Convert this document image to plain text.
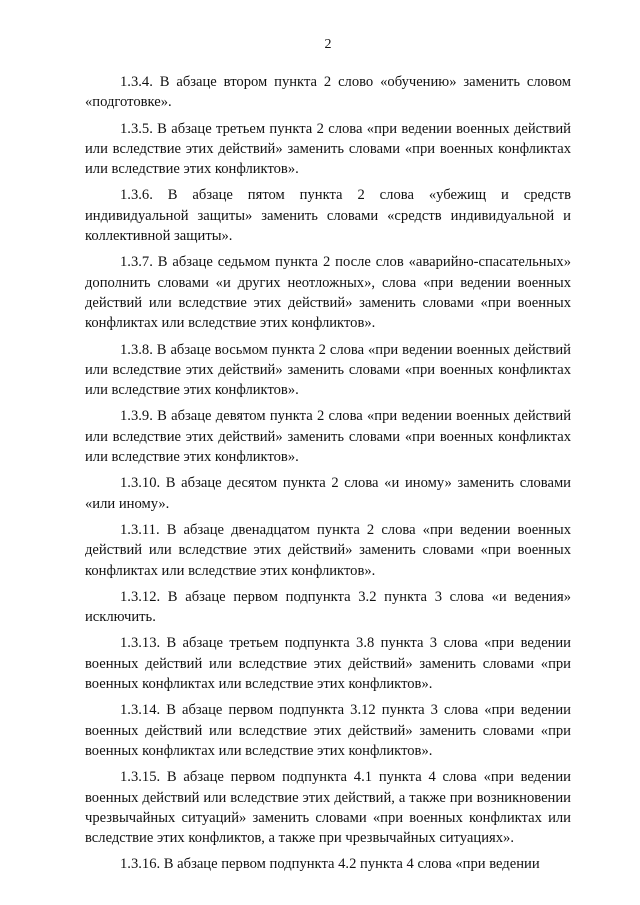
2

1.3.4. В абзаце втором пункта 2 слово «обучению» заменить словом «подготовке».

1.3.5. В абзаце третьем пункта 2 слова «при ведении военных действий или вследствие этих действий» заменить словами «при военных конфликтах или вследствие этих конфликтов».

1.3.6. В абзаце пятом пункта 2 слова «убежищ и средств индивидуальной защиты» заменить словами «средств индивидуальной и коллективной защиты».

1.3.7. В абзаце седьмом пункта 2 после слов «аварийно-спасательных» дополнить словами «и других неотложных», слова «при ведении военных действий или вследствие этих действий» заменить словами «при военных конфликтах или вследствие этих конфликтов».

1.3.8. В абзаце восьмом пункта 2 слова «при ведении военных действий или вследствие этих действий» заменить словами «при военных конфликтах или вследствие этих конфликтов».

1.3.9. В абзаце девятом пункта 2 слова «при ведении военных действий или вследствие этих действий» заменить словами «при военных конфликтах или вследствие этих конфликтов».

1.3.10. В абзаце десятом пункта 2 слова «и иному» заменить словами «или иному».

1.3.11. В абзаце двенадцатом пункта 2 слова «при ведении военных действий или вследствие этих действий» заменить словами «при военных конфликтах или вследствие этих конфликтов».

1.3.12. В абзаце первом подпункта 3.2 пункта 3 слова «и ведения» исключить.

1.3.13. В абзаце третьем подпункта 3.8 пункта 3 слова «при ведении военных действий или вследствие этих действий» заменить словами «при военных конфликтах или вследствие этих конфликтов».

1.3.14. В абзаце первом подпункта 3.12 пункта 3 слова «при ведении военных действий или вследствие этих действий» заменить словами «при военных конфликтах или вследствие этих конфликтов».

1.3.15. В абзаце первом подпункта 4.1 пункта 4 слова «при ведении военных действий или вследствие этих действий, а также при возникновении чрезвычайных ситуаций» заменить словами «при военных конфликтах или вследствие этих конфликтов, а также при чрезвычайных ситуациях».

1.3.16. В абзаце первом подпункта 4.2 пункта 4 слова «при ведении
